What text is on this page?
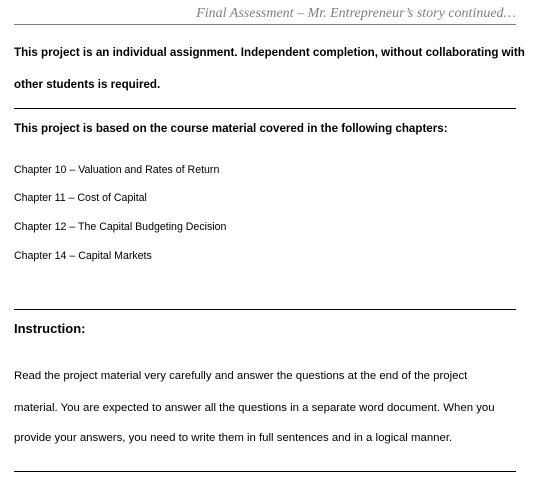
Final Assessment – Mr. Entrepreneur’s story continued…
This project is an individual assignment. Independent completion, without collaborating with
other students is required.
This project is based on the course material covered in the following chapters:
Chapter 10 – Valuation and Rates of Return
Chapter 11 – Cost of Capital
Chapter 12 – The Capital Budgeting Decision
Chapter 14 – Capital Markets
Instruction:
Read the project material very carefully and answer the questions at the end of the project
material. You are expected to answer all the questions in a separate word document. When you
provide your answers, you need to write them in full sentences and in a logical manner.
